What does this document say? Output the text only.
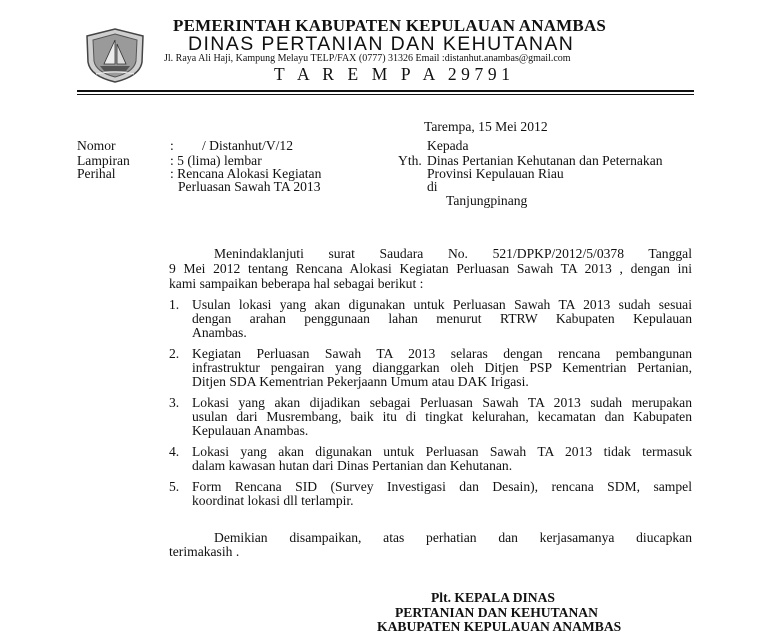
PEMERINTAH KABUPATEN KEPULAUAN ANAMBAS
DINAS PERTANIAN DAN KEHUTANAN
Jl. Raya Ali Haji, Kampung Melayu TELP/FAX (0777) 31326 Email :distanhut.anambas@gmail.com
T A R E M P A 29791
Tarempa, 15 Mei 2012
Nomor	: / Distanhut/V/12
Lampiran	: 5 (lima) lembar
Perihal	: Rencana Alokasi Kegiatan
Perluasan Sawah TA 2013
Kepada
Yth. Dinas Pertanian Kehutanan dan Peternakan
Provinsi Kepulauan Riau
di
Tanjungpinang
Menindaklanjuti surat Saudara No. 521/DPKP/2012/5/0378 Tanggal
9 Mei 2012 tentang Rencana Alokasi Kegiatan Perluasan Sawah TA 2013 , dengan ini
kami sampaikan beberapa hal sebagai berikut :
1. Usulan lokasi yang akan digunakan untuk Perluasan Sawah TA 2013 sudah sesuai
dengan arahan penggunaan lahan menurut RTRW Kabupaten Kepulauan
Anambas.
2. Kegiatan Perluasan Sawah TA 2013 selaras dengan rencana pembangunan
infrastruktur pengairan yang dianggarkan oleh Ditjen PSP Kementrian Pertanian,
Ditjen SDA Kementrian Pekerjaann Umum atau DAK Irigasi.
3. Lokasi yang akan dijadikan sebagai Perluasan Sawah TA 2013 sudah merupakan
usulan dari Musrembang, baik itu di tingkat kelurahan, kecamatan dan Kabupaten
Kepulauan Anambas.
4. Lokasi yang akan digunakan untuk Perluasan Sawah TA 2013 tidak termasuk
dalam kawasan hutan dari Dinas Pertanian dan Kehutanan.
5. Form Rencana SID (Survey Investigasi dan Desain), rencana SDM, sampel
koordinat lokasi dll terlampir.
Demikian disampaikan, atas perhatian dan kerjasamanya diucapkan
terimakasih .
Plt. KEPALA DINAS
PERTANIAN DAN KEHUTANAN
KABUPATEN KEPULAUAN ANAMBAS
